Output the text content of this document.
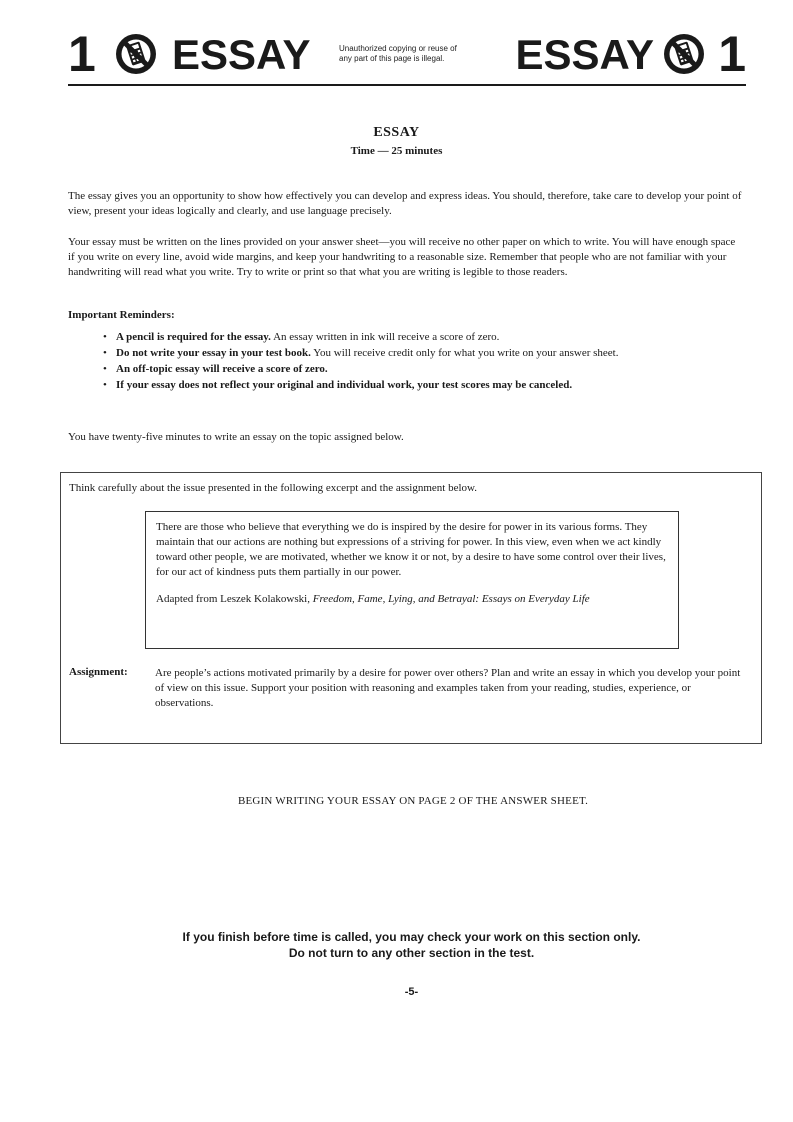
1 ESSAY	Unauthorized copying or reuse of
any part of this page is illegal.	ESSAY 1
ESSAY
Time — 25 minutes

The essay gives you an opportunity to show how effectively you can develop and express ideas. You should, therefore, take care to develop your point of view, present your ideas logically and clearly, and use language precisely.

Your essay must be written on the lines provided on your answer sheet—you will receive no other paper on which to write. You will have enough space if you write on every line, avoid wide margins, and keep your handwriting to a reasonable size. Remember that people who are not familiar with your handwriting will read what you write. Try to write or print so that what you are writing is legible to those readers.

Important Reminders:
• A pencil is required for the essay. An essay written in ink will receive a score of zero.
• Do not write your essay in your test book. You will receive credit only for what you write on your answer sheet.
• An off-topic essay will receive a score of zero.
• If your essay does not reflect your original and individual work, your test scores may be canceled.

You have twenty-five minutes to write an essay on the topic assigned below.

Think carefully about the issue presented in the following excerpt and the assignment below.
There are those who believe that everything we do is inspired by the desire for power in its various forms. They maintain that our actions are nothing but expressions of a striving for power. In this view, even when we act kindly toward other people, we are motivated, whether we know it or not, by a desire to have some control over their lives, for our act of kindness puts them partially in our power.
Adapted from Leszek Kolakowski, Freedom, Fame, Lying, and Betrayal: Essays on Everyday Life
Assignment: Are people’s actions motivated primarily by a desire for power over others? Plan and write an essay in which you develop your point of view on this issue. Support your position with reasoning and examples taken from your reading, studies, experience, or observations.
BEGIN WRITING YOUR ESSAY ON PAGE 2 OF THE ANSWER SHEET.
If you finish before time is called, you may check your work on this section only.
Do not turn to any other section in the test.
-5-
